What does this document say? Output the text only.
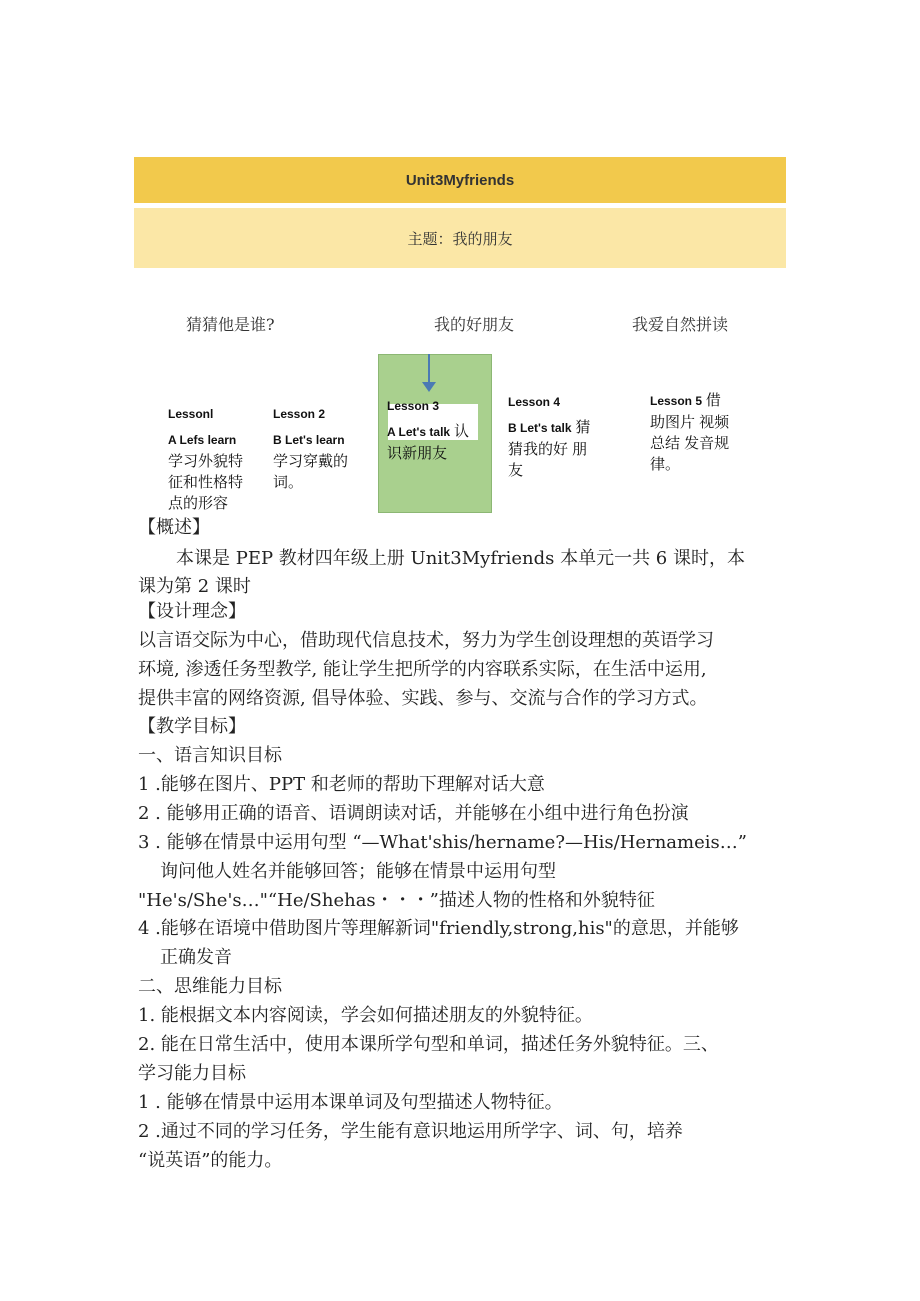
Unit3Myfriends
主题：我的朋友
猜猜他是谁?	我的好朋友	我爱自然拼读
Lessonl
A Lefs learn
学习外貌特征和性格特点的形容
Lesson 2
B Let's learn
学习穿戴的词。
Lesson 3
A Let's talk 认识新朋友
Lesson 4
B Let's talk 猜猜我的好 朋友
Lesson 5 借助图片 视频总结 发音规律。
【概述】
本课是 PEP 教材四年级上册 Unit3Myfriends 本单元一共 6 课时，本
课为第 2 课时
【设计理念】
以言语交际为中心，借助现代信息技术，努力为学生创设理想的英语学习
环境, 渗透任务型教学, 能让学生把所学的内容联系实际，在生活中运用,
提供丰富的网络资源, 倡导体验、实践、参与、交流与合作的学习方式。
【教学目标】
一、语言知识目标
1 .能够在图片、PPT 和老师的帮助下理解对话大意
2 . 能够用正确的语音、语调朗读对话，并能够在小组中进行角色扮演
3 . 能够在情景中运用句型 “—What'shis∕hername?—His/Hernameis…”
询问他人姓名并能够回答；能够在情景中运用句型
"He's∕She's…"“He/Shehas・・・”描述人物的性格和外貌特征
4 .能够在语境中借助图片等理解新词"friendly,strong,his"的意思，并能够
正确发音
二、思维能力目标
1. 能根据文本内容阅读，学会如何描述朋友的外貌特征。
2. 能在日常生活中，使用本课所学句型和单词，描述任务外貌特征。三、
学习能力目标
1 . 能够在情景中运用本课单词及句型描述人物特征。
2 .通过不同的学习任务，学生能有意识地运用所学字、词、句，培养
“说英语”的能力。
